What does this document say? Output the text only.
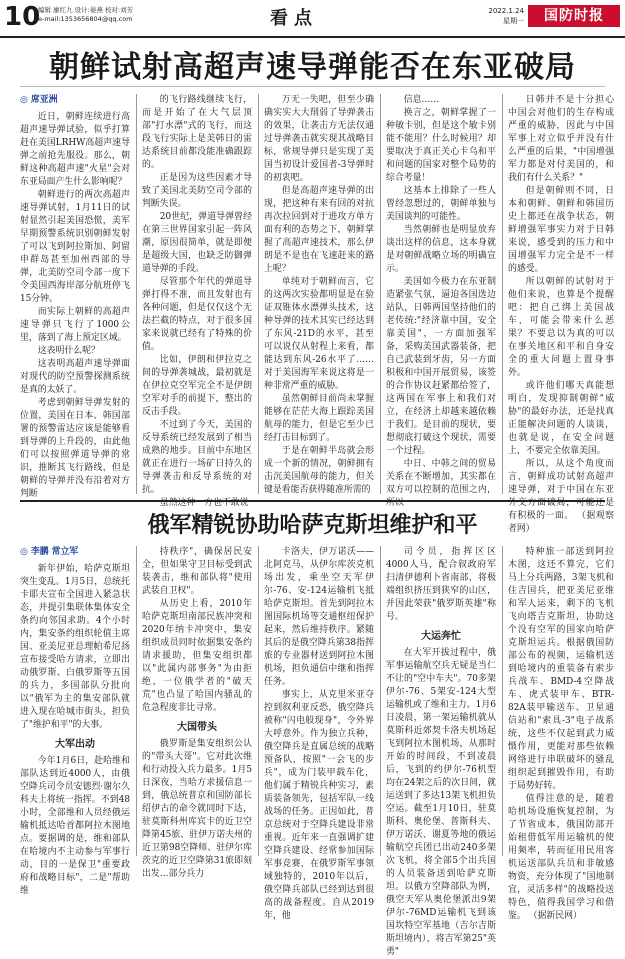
10
编辑 廖红九 设计:晏燕 校对:刘芳
e-mail:1353656804@qq.com	看点	2022.1.24
星期一	国防时报
朝鲜试射高超声速导弹能否在东亚破局

◎ 席亚洲

近日，朝鲜连续进行高超声速导弹试验，似乎打算赶在美国LRHW高超声速导弹之前抢先服役。那么，朝鲜这种高超声速"火星"会对东亚局面产生什么影响呢？

朝鲜进行的两次高超声速导弹试射，1月11日的试射显然引起美国恐慌，美军早期预警系统识别朝鲜发射了可以飞到阿拉斯加、阿留申群岛甚至加州西部的导弹，北美防空司令部一度下令美国西海岸部分航班停飞15分钟。

而实际上朝鲜的高超声速导弹只飞行了1000公里，落到了海上预定区域。

这表明什么呢？

这表明高超声速导弹面对现代的防空预警探测系统是真的太妖了。

考虑到朝鲜导弹发射的位置，美国在日本、韩国部署的预警雷达应该是能够看到导弹的上升段的，由此他们可以按照弹道导弹的常识，推断其飞行路线，但是朝鲜的导弹并没有沿着对方判断

的飞行路线继续飞行，而是开始了在大气层顶部"打水漂"式的飞行，而这段飞行实际上是美韩日的雷达系统目前都没能准确跟踪的。

正是因为这些因素才导致了美国北美防空司令部的判断失误。

20世纪，弹道导弹曾经在第三世界国家引起一阵风潮，原因很简单，就是即便是超级大国，也缺乏防御弹道导弹的手段。

尽管那个年代的弹道导弹打得不准，而且发射也有各种问题，但是仅仅这个无法拦截的特点，对于很多国家来说就已经有了特殊的价值。

比如，伊朗和伊拉克之间的导弹袭城战，最初就是在伊拉克空军完全不是伊朗空军对手的前提下，整出的反击手段。

不过到了今天，美国的反导系统已经发展到了相当成熟的地步。目前中东地区就正在进行一场矿日持久的导弹袭击和反导系统的对抗。

虽然这种一方也不敢说

万无一失吧，但至少确确实实大大削弱了导弹袭击的效果，让袭击方无法仅通过导弹袭击就实现其战略目标，常规导弹只是实现了美国当初设计爱国者-3导弹时的初衷吧。

但是高超声速导弹的出现，把这种有来有回的对抗再次拉回到对于进攻方单方面有利的态势之下，朝鲜掌握了高超声速技术，那么伊朗是不是也在飞速赶来的路上呢？

单纯对于朝鲜而言，它的这两次实验都明显是在验证双锥体水漂弹头技术，这种导弹的技术其实已经达到了东风-21D的水平，甚至可以说仅从射程上来看，都能达到东风-26水平了……对于美国海军来说这将是一种非常严重的威胁。

虽然朝鲜目前尚未掌握能够在茫茫大海上跟踪美国航母的能力，但是它至少已经打击目标到了。

于是在朝鲜半岛就会形成一个新的情况，朝鲜拥有击沉美国航母的能力，但关键是看能否获得随准所需的

信息……

换言之，朝鲜掌握了一种敏卡别，但是这个敏卡别能不能用？什么时候用？却要取决于真正关心卡乌和平和问题的国家对整个局势的综合考量！

这基本上排除了一些人曾经忽想过的，朝鲜单独与美国谈判的可能性。

当然朝鲜也是明显放弃谈出这样的信息，这本身就是对朝鲜战略立场的明确宣示。

美国如今极力在东亚制造紧张气氛，逼迫各国选边站队，日韩两国坚持他们的老传统:"经济靠中国，安全靠美国"，一方面加强军备，采购美国武器装备，把自己武装到牙齿，另一方面积极和中国开展贸易，该签的合作协议赶紧都给签了，这两国在军事上和我们对立，在经济上却越来越依赖于我们。是目前的现状，要想彻底打破这个现状，需要一个过程。

中日、中韩之间的贸易关系在不断增加，其实都在双方可以控制的范围之内，所以

日韩并不是十分担心中国会对他们的生存构成严重的威胁，因此与中国军事上对立似乎并没有什么严重的后果，"中国增强军力都是对付美国的，和我们有什么关系？"

但是朝鲜则不同，日本和朝鲜、朝鲜和韩国历史上都还在战争状态，朝鲜增强军事实力对于日韩来说，感受到的压力和中国增强军力完全是不一样的感受。

所以朝鲜的试射对于他们来说，也算是个提醒吧：把自己绑上美国战车，可能会带来什么恶果？不要总以为真的可以在事关地区和平和自身安全的重大问题上置身事外。

或许他们哪天真能想明白，发现抑制朝鲜"威胁"的最好办法，还是找真正能解决问题的人谈谈，也就是说，在安全问题上，不要完全依靠美国。

所以，从这个角度而言，朝鲜成功试射高超声速导弹，对于中国在东亚外交方面破局，可能还是有积极的一面。 （据观察者网）

俄军精锐协助哈萨克斯坦维护和平

◎ 李鹏 常立军

新年伊始，哈萨克斯坦突生变乱。1月5日，总统托卡耶夫宣布全国进入紧急状态，并提引集联体集体安全条约向邻国求助。4个小时内，集安条约组织轮值主席国、亚美尼亚总理帕希尼扬宣布接受哈方请求，立即出动俄罗斯、白俄罗斯等五国的兵力，多国部队分批向以"俄军为主的集安部队就进入现在哈城市街头，担负了"维护和平"的大事。

大军出动

今年1月6日，赴哈维和部队达到近4000人，由俄空降兵司令员安德烈·谢尔久科夫上将统一指挥。不到48小时，全部维和人员经俄运输机抵达哈首都阿拉木图地点。要据调的是，维和部队在哈境内不主动参与军事行动，目的一是保卫"重要政府和战略目标"，二是"帮助维

持秩序"，确保居民安全，但如果守卫目标受到武装袭击，维和部队将"使用武装自卫权"。

从历史上看，2010年哈萨克斯坦南部民族冲突和2020年纳卡冲突中，集安组织成员同时依据集安条约请求援助，但集安组织都以"此属内部事务"为由拒绝，一位俄学者的"破天荒"也凸显了哈国内骚乱的危急程度非比寻常。

大国带头

俄罗斯是集安组织公认的"带头大哥"。它对此次维和行动投入兵力最多。1月5日深夜，当哈方求援信息一到，俄总统普京和国防部长绍伊古的命令就同时下达，驻莫斯科州库宾卡的近卫空降第45旅、驻伊万诺夫州的近卫第98空降师、驻伊尔库茨克的近卫空降第31旅即刻出发…部分兵力

卡洛夫，伊万诺沃——北阿克马，从伊尔库茨克机场出发，乘坐空天军伊尔-76、安-124运输机飞抵哈萨克斯坦。首先到阿拉木图国际机场等交通枢纽保护起来，然后维持秩序。紧随其后的是俄空降兵第38指挥旅的专业器材送到阿拉木图机场，担负通信中继和指挥任务。

事实上，从克里米亚夺控到叙利亚反恐，俄空降兵被称"闪电般现身"，令外界大呼意外。作为独立兵种，俄空降兵是直属总统的战略预备队，按照"一会飞的步兵"，成为门装甲载车化，他们属于精锐兵种实习，素质装备领先，包括军队一线战场的任务。正因如此，普京总统对于空降兵建设非常重视。近年来一直强调扩建空降兵建设、经常参加国际军事竞赛，在俄罗斯军事领域独特的，2010年以后，俄空降兵部队已经到达到很高的战备程度。自从2019年，他

司令员，指挥区区4000人马，配合叙政府军扫清伊德利卜省南部，将极端组织挤压到狭窄的山区，并因此荣获"俄罗斯英雄"称号。

大运奔忙

在大军开拔过程中，俄军事运输航空兵无疑是当仁不让的"空中车夫"。70多架伊尔-76、5架安-124大型运输机或了维和主力。1月6日凌晨，第一架运输机就从莫斯科近郊契卡洛夫机场起飞到阿拉木图机场，从那时开始的时间段，不到凌晨后，飞到的约伊尔-76机型均在24架之后的次日间，就运送到了多达13架飞机担负空运。截至1月10日，驻莫斯科、奥伦堡、普斯科夫、伊万诺沃、谢夏等地的俄运输航空兵团已出动240多架次飞机，将全部5个出兵国的人员装备送到哈萨克斯坦。以俄方空降部队为例，俄空天军从奥伦堡派出9架伊尔-76MD运输机飞到该国坎特空军基地（吉尔吉斯斯坦境内），将吉军第25"英勇"

特种旅一部送到阿拉木图，这还不算完，它们马上分兵两路，3架飞机和住吉国兵，把亚美尼亚维和军人运来，剩下的飞机飞向塔吉克斯坦，协助这个没有空军的国家向哈萨克斯坦运兵。根据俄国防部公布的视频，运输机送到哈境内的重装备有索步兵战车、BMD-4空降战车、虎式装甲车、BTR-82A装甲输送车、卫星通信站和"索具-3"电子战系统，这些不仅起到武力威慑作用，更能对那些依赖网络进行串联破坏的骚乱组织起到摧毁作用，有助于局势好转。

值得注意的是，随着哈机场设施恢复控制，为了节省成本，俄国防部开始租借低军用运输机的使用频率，转而征用民用客机运送部队兵员和非敏感物资，充分体现了"国地制宜，灵活多样"的战略投送特色，值得我国学习和借鉴。 （据新民网）
